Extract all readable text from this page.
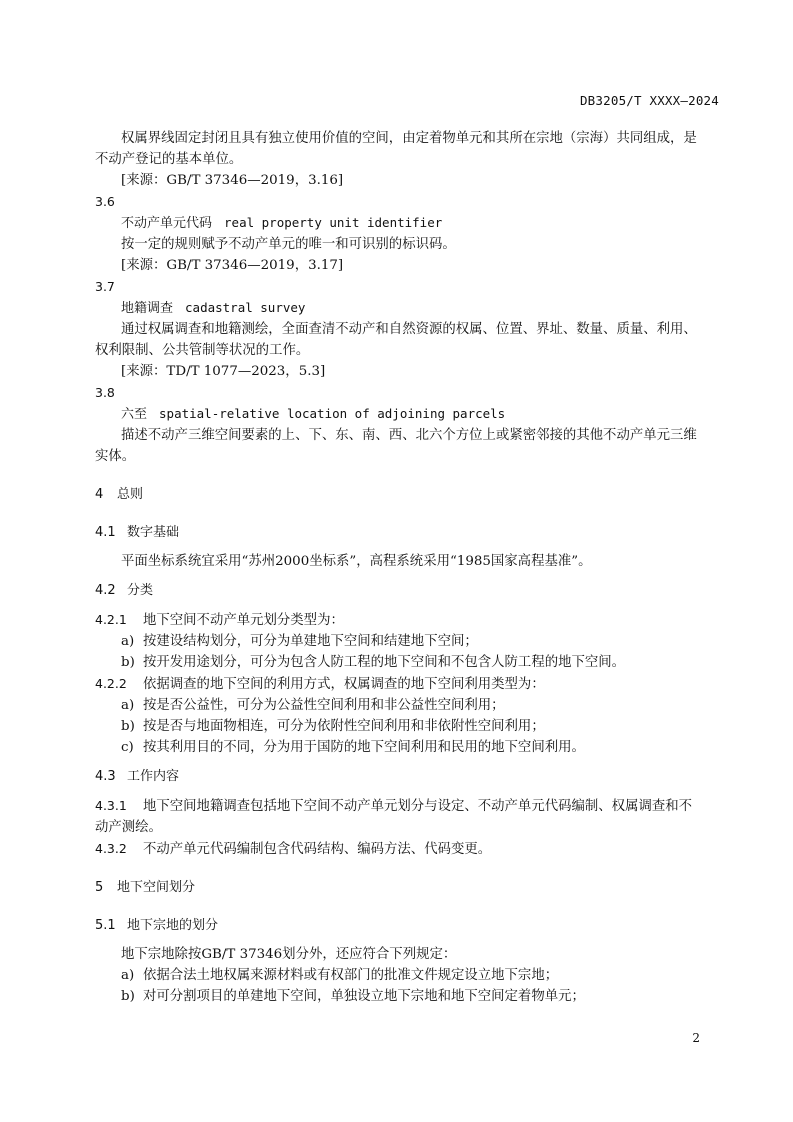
DB3205/T XXXX—2024
权属界线固定封闭且具有独立使用价值的空间，由定着物单元和其所在宗地（宗海）共同组成，是
不动产登记的基本单位。
[来源：GB/T 37346—2019，3.16]
3.6
不动产单元代码 real property unit identifier
按一定的规则赋予不动产单元的唯一和可识别的标识码。
[来源：GB/T 37346—2019，3.17]
3.7
地籍调查 cadastral survey
通过权属调查和地籍测绘，全面查清不动产和自然资源的权属、位置、界址、数量、质量、利用、
权利限制、公共管制等状况的工作。
[来源：TD/T 1077—2023，5.3]
3.8
六至 spatial-relative location of adjoining parcels
描述不动产三维空间要素的上、下、东、南、西、北六个方位上或紧密邻接的其他不动产单元三维
实体。
4 总则
4.1 数字基础
平面坐标系统宜采用“苏州2000坐标系”，高程系统采用“1985国家高程基准”。
4.2 分类
4.2.1 地下空间不动产单元划分类型为：
a) 按建设结构划分，可分为单建地下空间和结建地下空间；
b) 按开发用途划分，可分为包含人防工程的地下空间和不包含人防工程的地下空间。
4.2.2 依据调查的地下空间的利用方式，权属调查的地下空间利用类型为：
a) 按是否公益性，可分为公益性空间利用和非公益性空间利用；
b) 按是否与地面物相连，可分为依附性空间利用和非依附性空间利用；
c) 按其利用目的不同，分为用于国防的地下空间利用和民用的地下空间利用。
4.3 工作内容
4.3.1 地下空间地籍调查包括地下空间不动产单元划分与设定、不动产单元代码编制、权属调查和不
动产测绘。
4.3.2 不动产单元代码编制包含代码结构、编码方法、代码变更。
5 地下空间划分
5.1 地下宗地的划分
地下宗地除按GB/T 37346划分外，还应符合下列规定：
a) 依据合法土地权属来源材料或有权部门的批准文件规定设立地下宗地；
b) 对可分割项目的单建地下空间，单独设立地下宗地和地下空间定着物单元；
2
